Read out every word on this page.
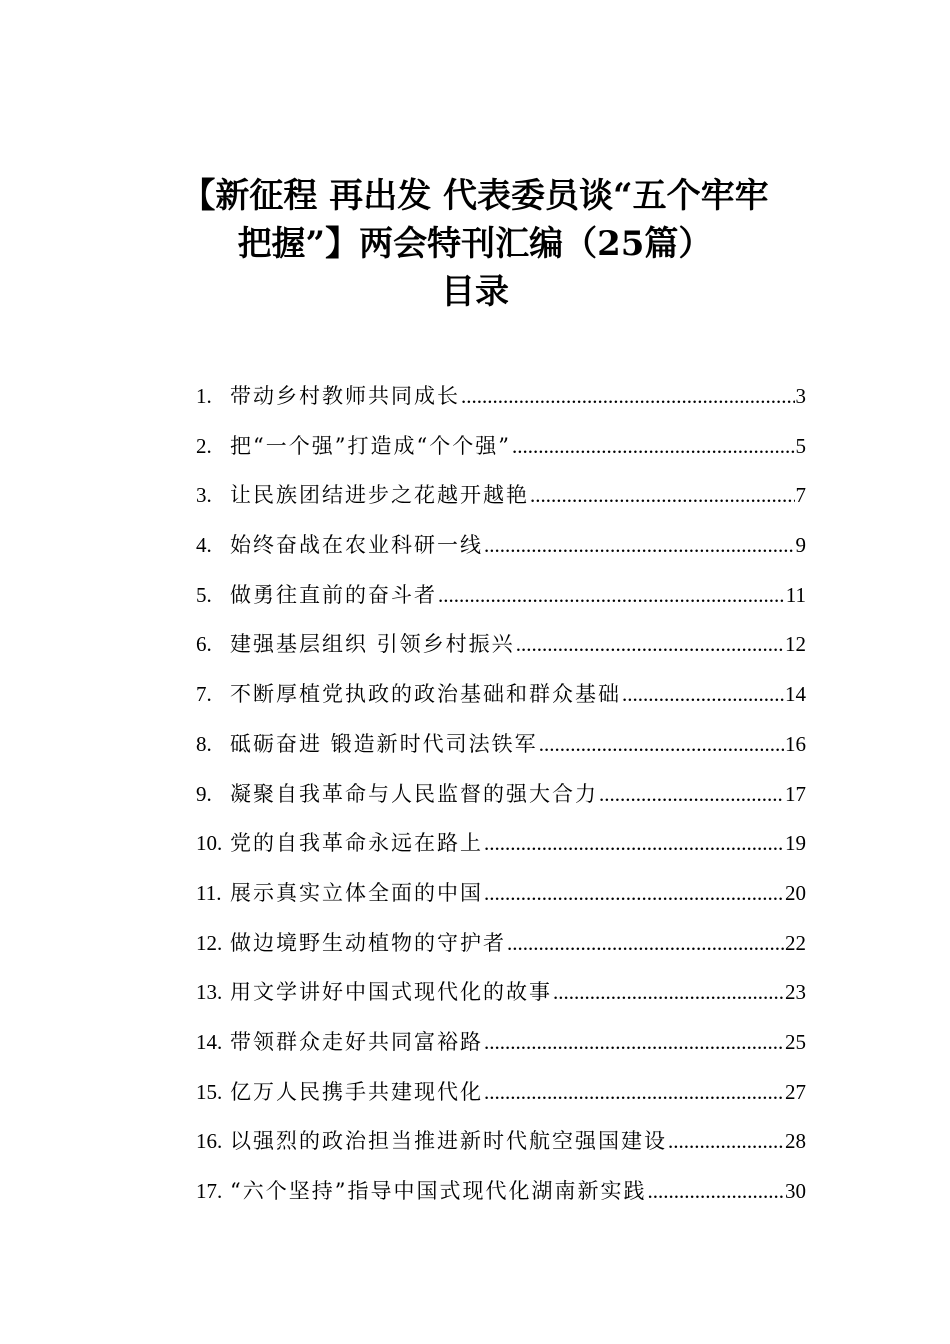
【新征程 再出发 代表委员谈“五个牢牢
把握”】两会特刊汇编（25篇）
目录
1. 带动乡村教师共同成长 .....	3
2. 把“一个强”打造成“个个强” .....	5
3. 让民族团结进步之花越开越艳 .....	7
4. 始终奋战在农业科研一线 .....	9
5. 做勇往直前的奋斗者 .....	11
6. 建强基层组织 引领乡村振兴 .....	12
7. 不断厚植党执政的政治基础和群众基础 .....	14
8. 砥砺奋进 锻造新时代司法铁军 .....	16
9. 凝聚自我革命与人民监督的强大合力 .....	17
10. 党的自我革命永远在路上 .....	19
11. 展示真实立体全面的中国 .....	20
12. 做边境野生动植物的守护者 .....	22
13. 用文学讲好中国式现代化的故事 .....	23
14. 带领群众走好共同富裕路 .....	25
15. 亿万人民携手共建现代化 .....	27
16. 以强烈的政治担当推进新时代航空强国建设 .....	28
17. “六个坚持”指导中国式现代化湖南新实践 .....	30
